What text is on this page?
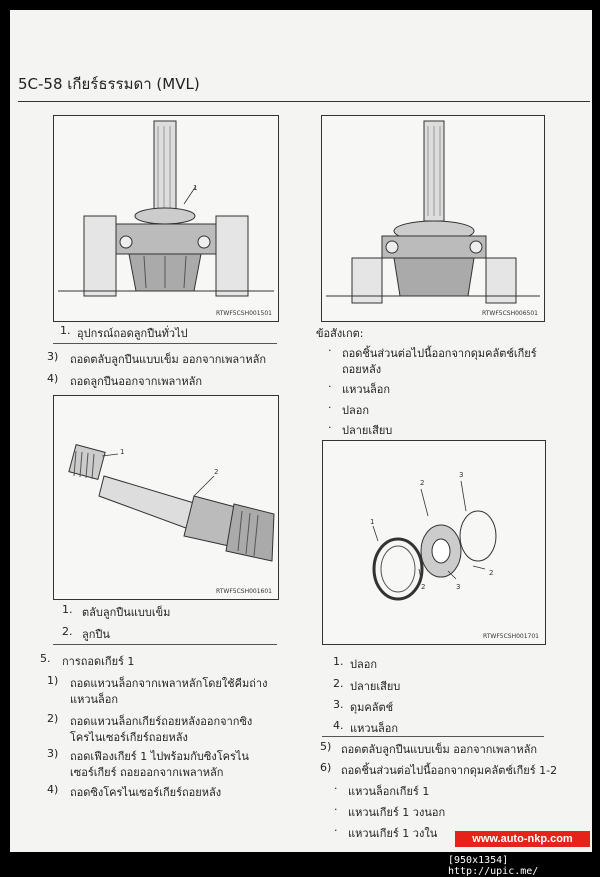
5C-58 เกียร์ธรรมดา (MVL)
1
RTWF5CSH001501	RTWF5CSH006501
1. อุปกรณ์ถอดลูกปืนทั่วไป
3) ถอดตลับลูกปืนแบบเข็ม ออกจากเพลาหลัก
4) ถอดลูกปืนออกจากเพลาหลัก
1
2
RTWF5CSH001601
1. ตลับลูกปืนแบบเข็ม
2. ลูกปืน
5. การถอดเกียร์ 1
1) ถอดแหวนล็อกจากเพลาหลักโดยใช้คีมถ่าง
แหวนล็อก
2) ถอดแหวนล็อกเกียร์ถอยหลังออกจากซิง
โครไนเซอร์เกียร์ถอยหลัง
3) ถอดเฟืองเกียร์ 1 ไปพร้อมกับซิงโครไน
เซอร์เกียร์ ถอยออกจากเพลาหลัก
4) ถอดซิงโครไนเซอร์เกียร์ถอยหลัง
ข้อสังเกต:
· ถอดชิ้นส่วนต่อไปนี้ออกจากดุมคลัตช์เกียร์
ถอยหลัง
· แหวนล็อก
· ปลอก
· ปลายเสียบ
1
2
2
2
3
3
RTWF5CSH001701
1. ปลอก
2. ปลายเสียบ
3. ดุมคลัตช์
4. แหวนล็อก
5) ถอดตลับลูกปืนแบบเข็ม ออกจากเพลาหลัก
6) ถอดชิ้นส่วนต่อไปนี้ออกจากดุมคลัตช์เกียร์ 1-2
· แหวนล็อกเกียร์ 1
· แหวนเกียร์ 1 วงนอก
· แหวนเกียร์ 1 วงใน	www.auto-nkp.com
[950x1354] http://upic.me/
